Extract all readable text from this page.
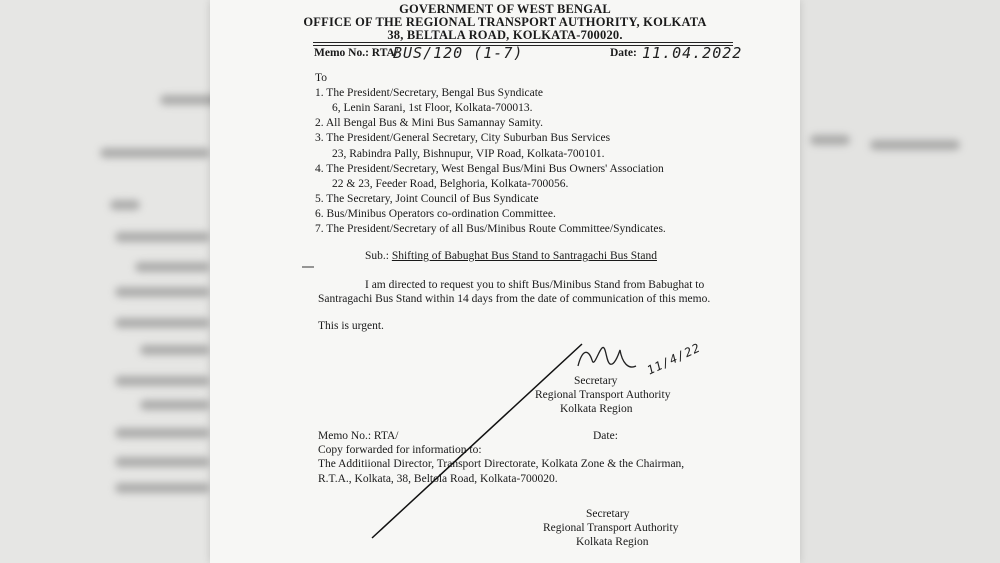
GOVERNMENT OF WEST BENGAL
OFFICE OF THE REGIONAL TRANSPORT AUTHORITY, KOLKATA
38, BELTALA ROAD, KOLKATA-700020.
Memo No.: RTA/
BUS/120 (1-7)	Date: 11.04.2022
To
1. The President/Secretary, Bengal Bus Syndicate
6, Lenin Sarani, 1st Floor, Kolkata-700013.
2. All Bengal Bus & Mini Bus Samannay Samity.
3. The President/General Secretary, City Suburban Bus Services
23, Rabindra Pally, Bishnupur, VIP Road, Kolkata-700101.
4. The President/Secretary, West Bengal Bus/Mini Bus Owners' Association
22 & 23, Feeder Road, Belghoria, Kolkata-700056.
5. The Secretary, Joint Council of Bus Syndicate
6. Bus/Minibus Operators co-ordination Committee.
7. The President/Secretary of all Bus/Minibus Route Committee/Syndicates.
Sub.: Shifting of Babughat Bus Stand to Santragachi Bus Stand
I am directed to request you to shift Bus/Minibus Stand from Babughat to
Santragachi Bus Stand within 14 days from the date of communication of this memo.
This is urgent.
11/4/22
Secretary
Regional Transport Authority
Kolkata Region
Memo No.: RTA/	Date:
Copy forwarded for information to:
The Additiional Director, Transport Directorate, Kolkata Zone & the Chairman,
R.T.A., Kolkata, 38, Beltola Road, Kolkata-700020.
Secretary
Regional Transport Authority
Kolkata Region
